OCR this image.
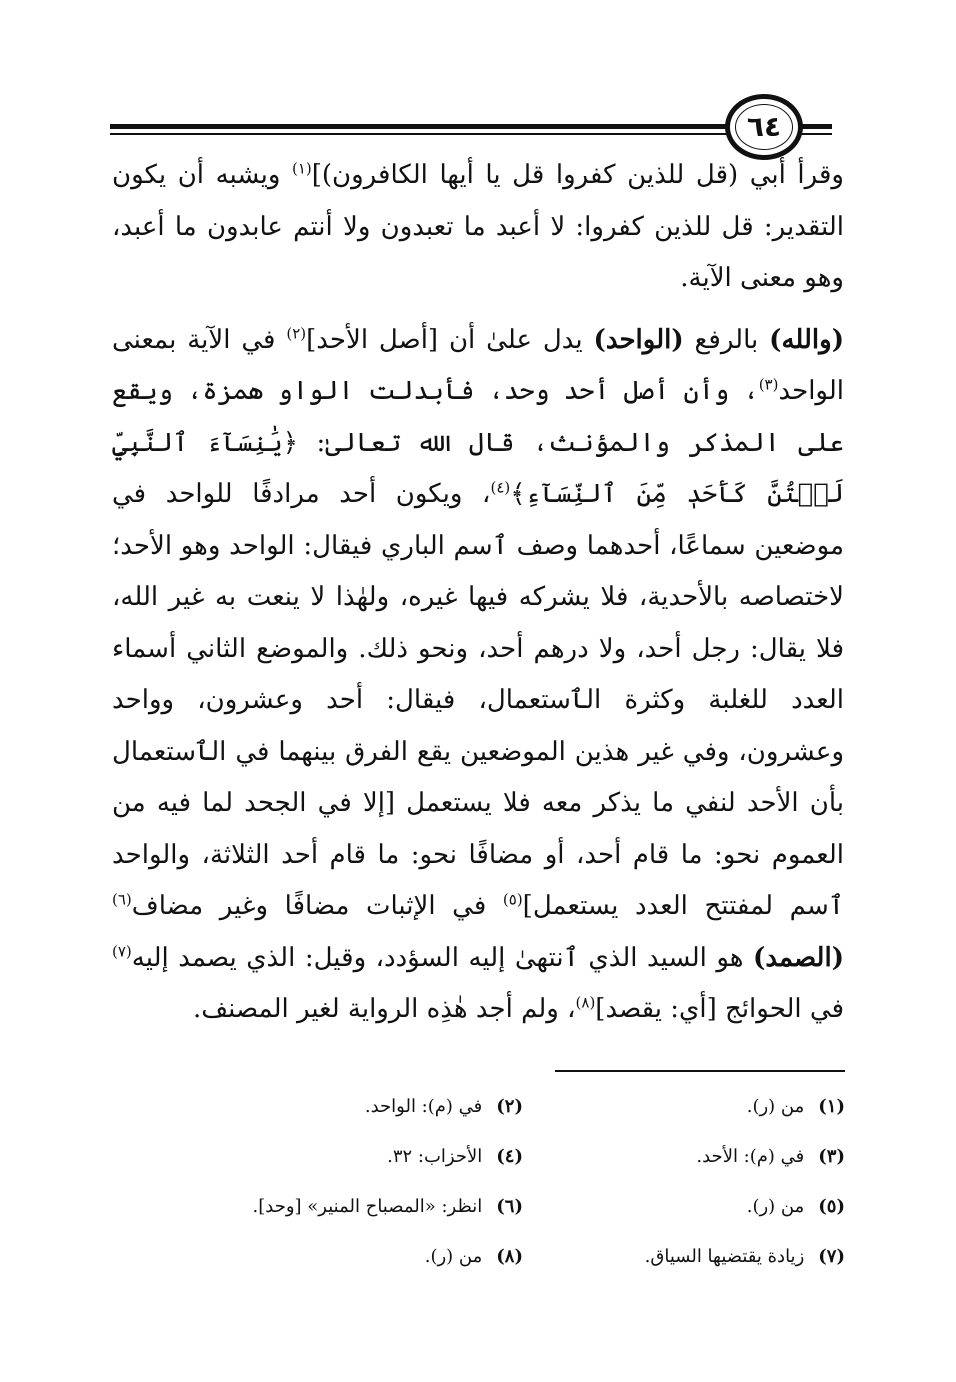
٦٤

وقرأ أبي (قل للذين كفروا قل يا أيها الكافرون)]$^{(١)}$ ويشبه أن يكون التقدير: قل للذين كفروا: لا أعبد ما تعبدون ولا أنتم عابدون ما أعبد، وهو معنى الآية.

(والله) بالرفع (الواحد) يدل علىٰ أن [أصل الأحد]$^{(٢)}$ في الآية بمعنى الواحد$^{(٣)}$، وأن أصل أحد وحد، فأبدلت الواو همزة، ويقع على المذكر والمؤنث، قال الله تعالىٰ: ﴿يَٰنِسَآءَ ٱلنَّبِيِّ لَسۡتُنَّ كَأَحَدٖ مِّنَ ٱلنِّسَآءِ﴾$^{(٤)}$، ويكون أحد مرادفًا للواحد في موضعين سماعًا، أحدهما وصف ٱسم الباري فيقال: الواحد وهو الأحد؛ لاختصاصه بالأحدية، فلا يشركه فيها غيره، ولهٰذا لا ينعت به غير الله، فلا يقال: رجل أحد، ولا درهم أحد، ونحو ذلك. والموضع الثاني أسماء العدد للغلبة وكثرة الٱستعمال، فيقال: أحد وعشرون، وواحد وعشرون، وفي غير هذين الموضعين يقع الفرق بينهما في الٱستعمال بأن الأحد لنفي ما يذكر معه فلا يستعمل [إلا في الجحد لما فيه من العموم نحو: ما قام أحد، أو مضافًا نحو: ما قام أحد الثلاثة، والواحد ٱسم لمفتتح العدد يستعمل]$^{(٥)}$ في الإثبات مضافًا وغير مضاف$^{(٦)}$ (الصمد) هو السيد الذي ٱنتهىٰ إليه السؤدد، وقيل: الذي يصمد إليه$^{(٧)}$ في الحوائج [أي: يقصد]$^{(٨)}$، ولم أجد هٰذِه الرواية لغير المصنف.

(١)من (ر).
(٢)في (م): الواحد.
(٣)في (م): الأحد.
(٤)الأحزاب: ٣٢.
(٥)من (ر).
(٦)انظر: «المصباح المنير» [وحد].
(٧)زيادة يقتضيها السياق.
(٨)من (ر).
